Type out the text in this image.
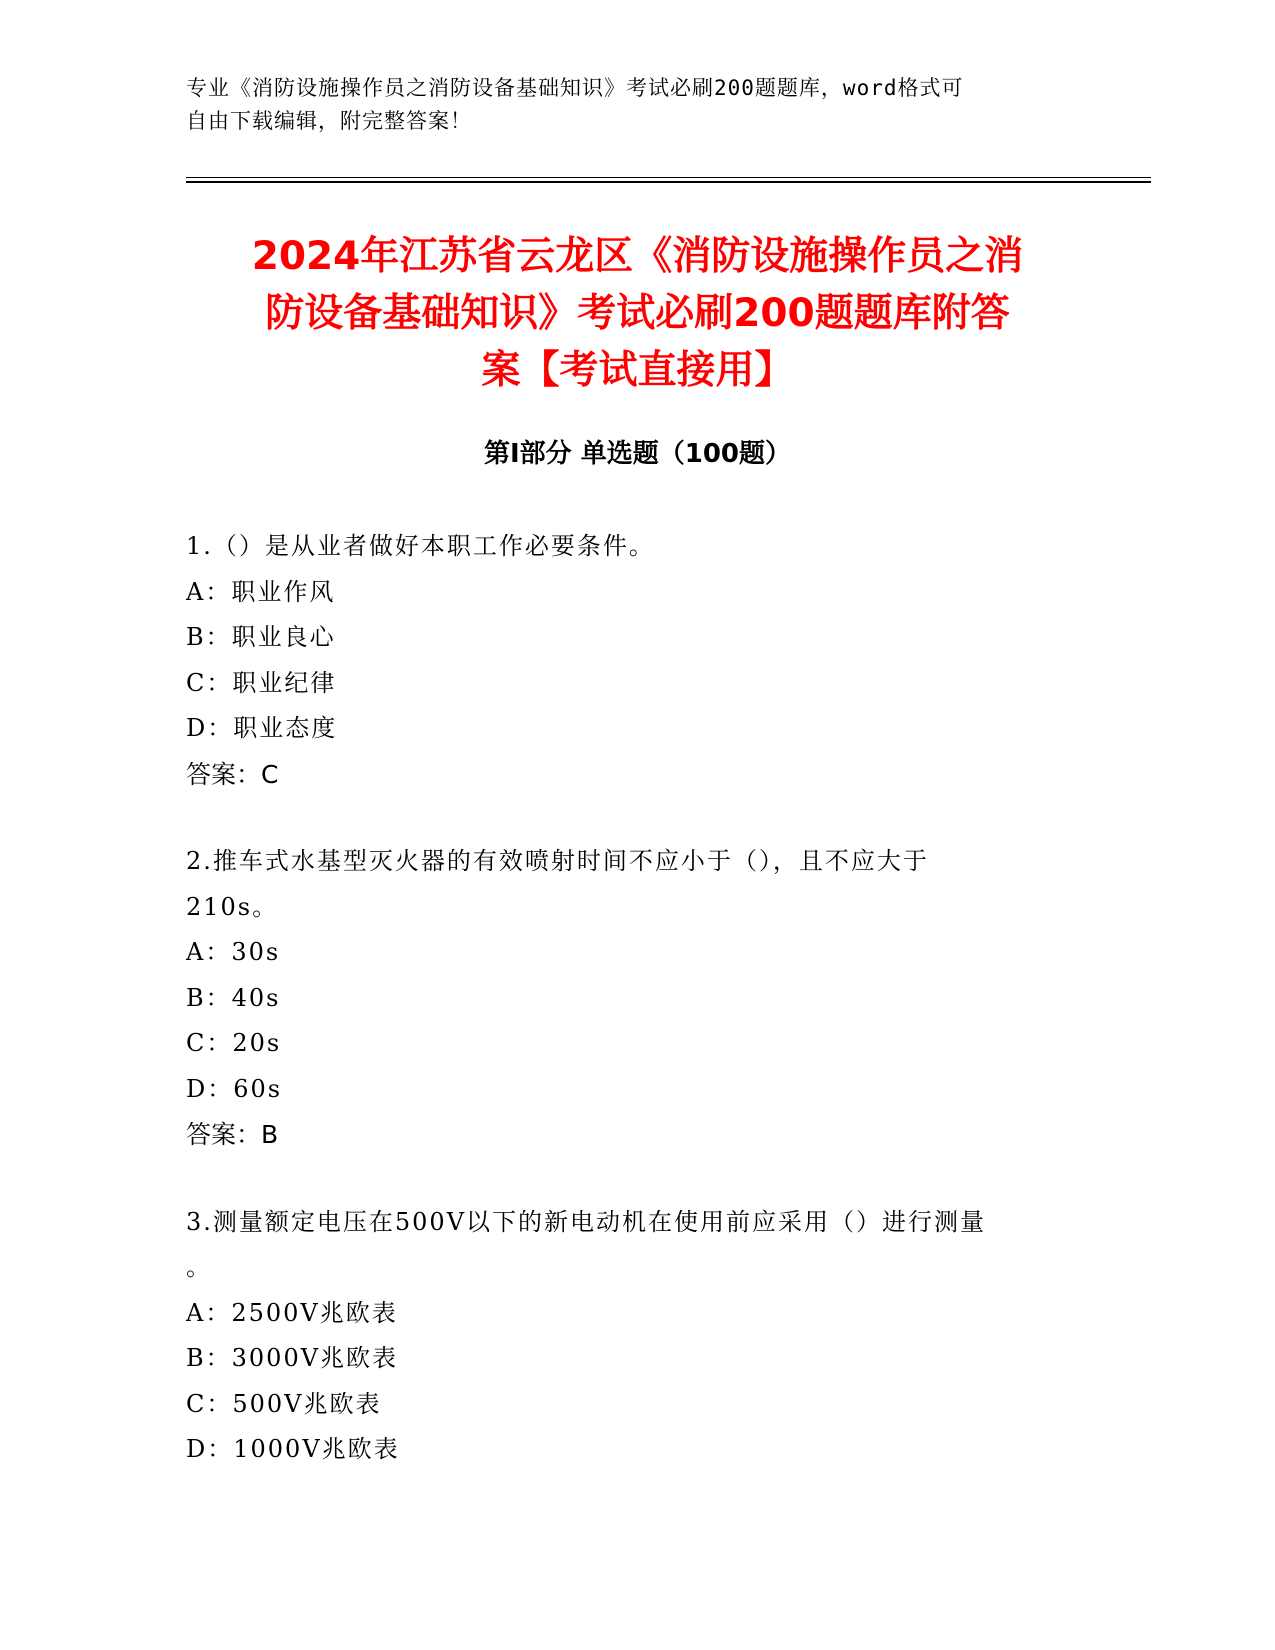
专业《消防设施操作员之消防设备基础知识》考试必刷200题题库，word格式可
自由下载编辑，附完整答案！
2024年江苏省云龙区《消防设施操作员之消
防设备基础知识》考试必刷200题题库附答
案【考试直接用】
第Ⅰ部分 单选题（100题）
1.（）是从业者做好本职工作必要条件。
A：职业作风
B：职业良心
C：职业纪律
D：职业态度
答案：C
2.推车式水基型灭火器的有效喷射时间不应小于（），且不应大于
210s。
A：30s
B：40s
C：20s
D：60s
答案：B
3.测量额定电压在500V以下的新电动机在使用前应采用（）进行测量
。
A：2500V兆欧表
B：3000V兆欧表
C：500V兆欧表
D：1000V兆欧表
